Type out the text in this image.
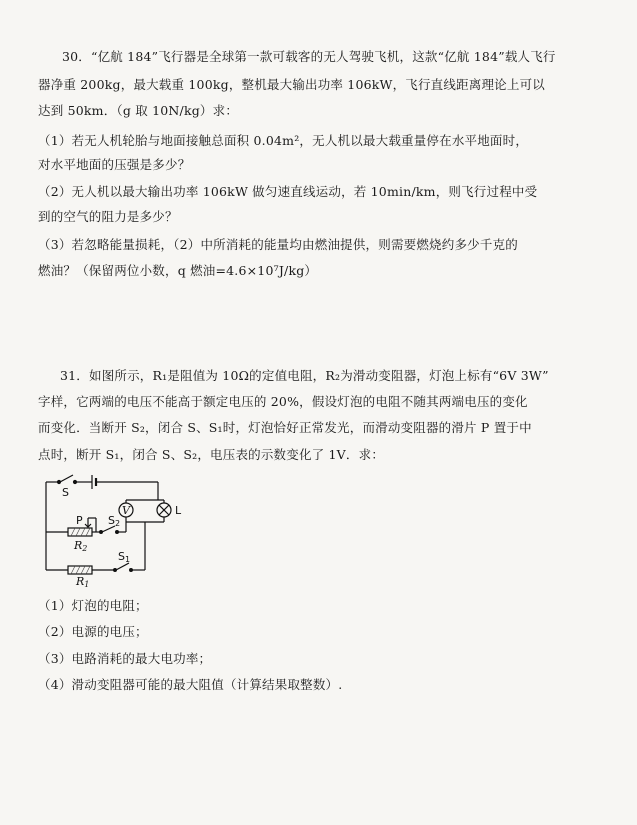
30．“亿航 184”飞行器是全球第一款可载客的无人驾驶飞机，这款“亿航 184”载人飞行
器净重 200kg，最大载重 100kg，整机最大输出功率 106kW，飞行直线距离理论上可以
达到 50km．（g 取 10N/kg）求：
（1）若无人机轮胎与地面接触总面积 0.04m²，无人机以最大载重量停在水平地面时，
对水平地面的压强是多少？
（2）无人机以最大输出功率 106kW 做匀速直线运动，若 10min/km，则飞行过程中受
到的空气的阻力是多少？
（3）若忽略能量损耗，（2）中所消耗的能量均由燃油提供，则需要燃烧约多少千克的
燃油？（保留两位小数，q 燃油=4.6×10⁷J/kg）
31．如图所示，R₁是阻值为 10Ω的定值电阻，R₂为滑动变阻器，灯泡上标有“6V 3W”
字样，它两端的电压不能高于额定电压的 20%，假设灯泡的电阻不随其两端电压的变化
而变化．当断开 S₂，闭合 S、S₁时，灯泡恰好正常发光，而滑动变阻器的滑片 P 置于中
点时，断开 S₁，闭合 S、S₂，电压表的示数变化了 1V．求：
S
V	L
P S2
R2
S1
R1
（1）灯泡的电阻；
（2）电源的电压；
（3）电路消耗的最大电功率；
（4）滑动变阻器可能的最大阻值（计算结果取整数）.
